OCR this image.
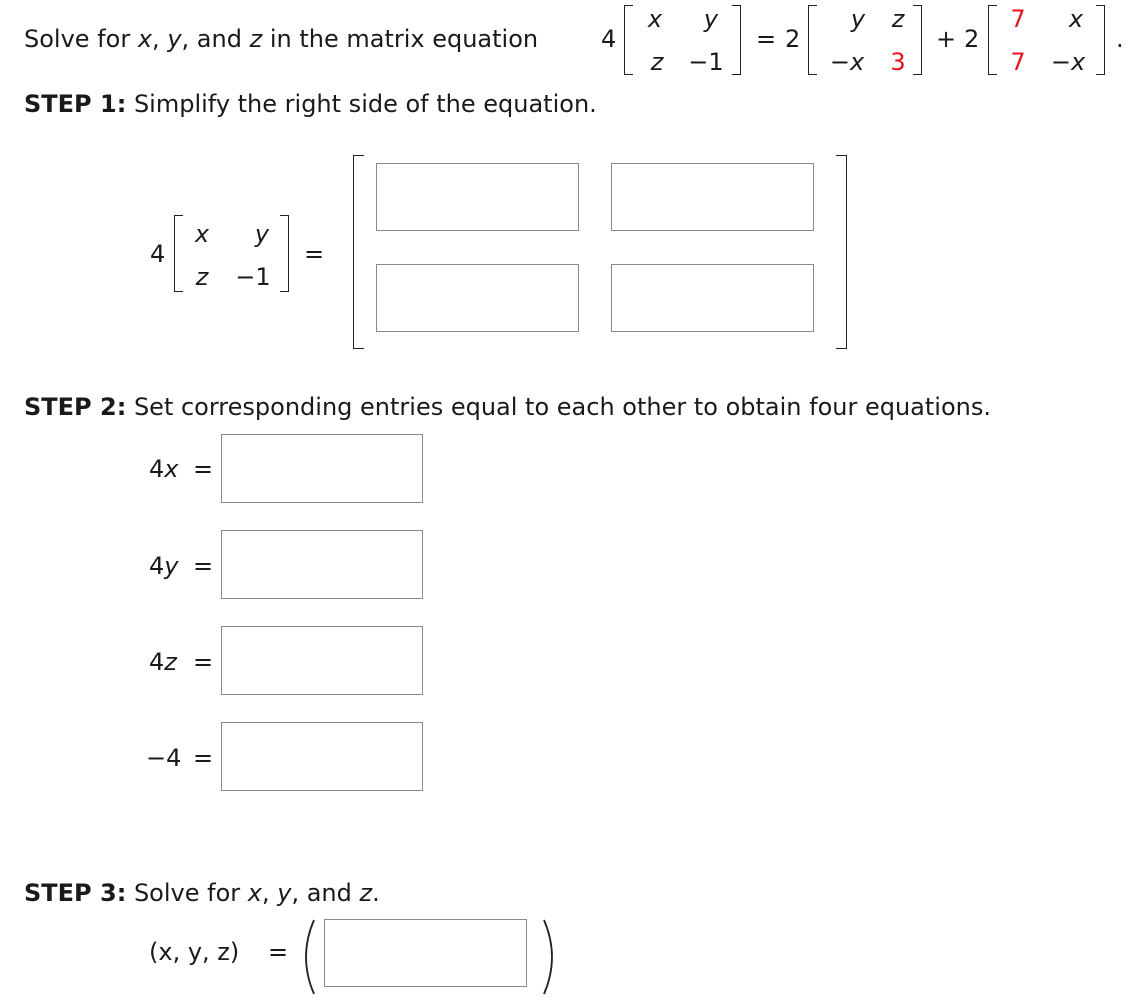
Solve for x, y, and z in the matrix equation	4
x	y
z	−1
= 2
y	z
−x	3
+ 2
7 x
7 −x
.
STEP 1: Simplify the right side of the equation.
4
x y
z	−1
=
STEP 2: Set corresponding entries equal to each other to obtain four equations.
4x =
4y =
4z =
−4 =
STEP 3: Solve for x, y, and z.
(x, y, z) =
